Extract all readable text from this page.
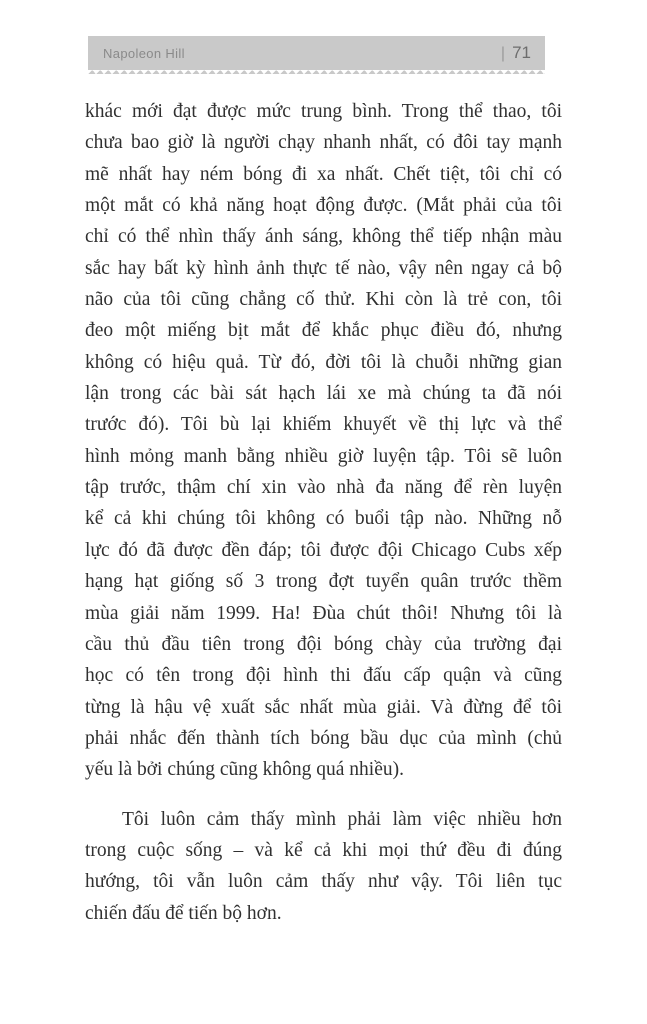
Napoleon Hill	| 71
khác mới đạt được mức trung bình. Trong thể thao, tôi
chưa bao giờ là người chạy nhanh nhất, có đôi tay mạnh
mẽ nhất hay ném bóng đi xa nhất. Chết tiệt, tôi chỉ có
một mắt có khả năng hoạt động được. (Mắt phải của tôi
chỉ có thể nhìn thấy ánh sáng, không thể tiếp nhận màu
sắc hay bất kỳ hình ảnh thực tế nào, vậy nên ngay cả bộ
não của tôi cũng chẳng cố thử. Khi còn là trẻ con, tôi
đeo một miếng bịt mắt để khắc phục điều đó, nhưng
không có hiệu quả. Từ đó, đời tôi là chuỗi những gian
lận trong các bài sát hạch lái xe mà chúng ta đã nói
trước đó). Tôi bù lại khiếm khuyết về thị lực và thể
hình mỏng manh bằng nhiều giờ luyện tập. Tôi sẽ luôn
tập trước, thậm chí xin vào nhà đa năng để rèn luyện
kể cả khi chúng tôi không có buổi tập nào. Những nỗ
lực đó đã được đền đáp; tôi được đội Chicago Cubs xếp
hạng hạt giống số 3 trong đợt tuyển quân trước thềm
mùa giải năm 1999. Ha! Đùa chút thôi! Nhưng tôi là
cầu thủ đầu tiên trong đội bóng chày của trường đại
học có tên trong đội hình thi đấu cấp quận và cũng
từng là hậu vệ xuất sắc nhất mùa giải. Và đừng để tôi
phải nhắc đến thành tích bóng bầu dục của mình (chủ
yếu là bởi chúng cũng không quá nhiều).
Tôi luôn cảm thấy mình phải làm việc nhiều hơn
trong cuộc sống – và kể cả khi mọi thứ đều đi đúng
hướng, tôi vẫn luôn cảm thấy như vậy. Tôi liên tục
chiến đấu để tiến bộ hơn.
